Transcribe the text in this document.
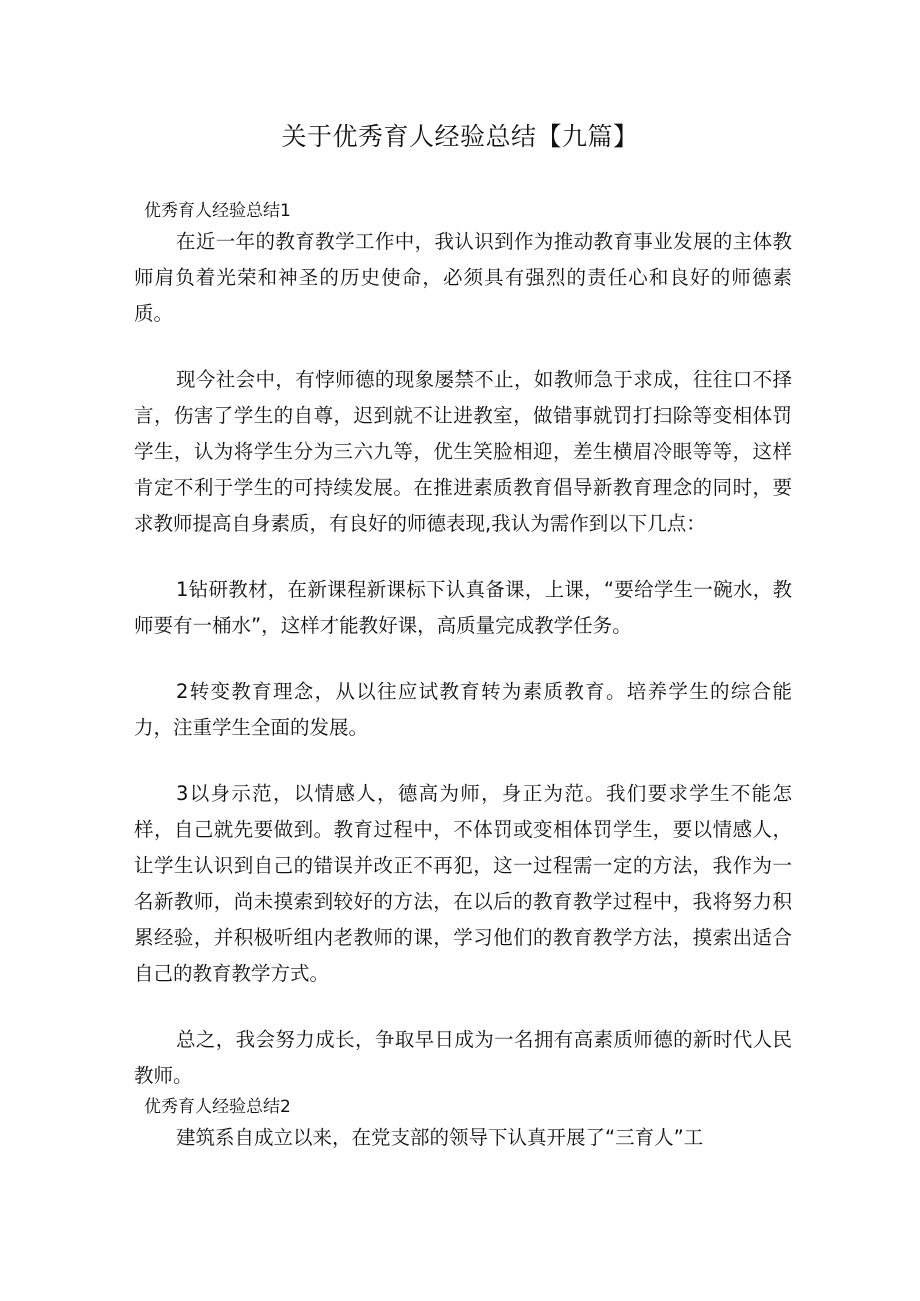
关于优秀育人经验总结【九篇】

优秀育人经验总结1

在近一年的教育教学工作中，我认识到作为推动教育事业发展的主体教师肩负着光荣和神圣的历史使命，必须具有强烈的责任心和良好的师德素质。

现今社会中，有悖师德的现象屡禁不止，如教师急于求成，往往口不择言，伤害了学生的自尊，迟到就不让进教室，做错事就罚打扫除等变相体罚学生，认为将学生分为三六九等，优生笑脸相迎，差生横眉冷眼等等，这样肯定不利于学生的可持续发展。在推进素质教育倡导新教育理念的同时，要求教师提高自身素质，有良好的师德表现,我认为需作到以下几点：

1钻研教材，在新课程新课标下认真备课，上课，“要给学生一碗水，教师要有一桶水”，这样才能教好课，高质量完成教学任务。

2转变教育理念，从以往应试教育转为素质教育。培养学生的综合能力，注重学生全面的发展。

3以身示范，以情感人，德高为师，身正为范。我们要求学生不能怎样，自己就先要做到。教育过程中，不体罚或变相体罚学生，要以情感人，让学生认识到自己的错误并改正不再犯，这一过程需一定的方法，我作为一名新教师，尚未摸索到较好的方法，在以后的教育教学过程中，我将努力积累经验，并积极听组内老教师的课，学习他们的教育教学方法，摸索出适合自己的教育教学方式。

总之，我会努力成长，争取早日成为一名拥有高素质师德的新时代人民教师。

优秀育人经验总结2

建筑系自成立以来，在党支部的领导下认真开展了“三育人”工
